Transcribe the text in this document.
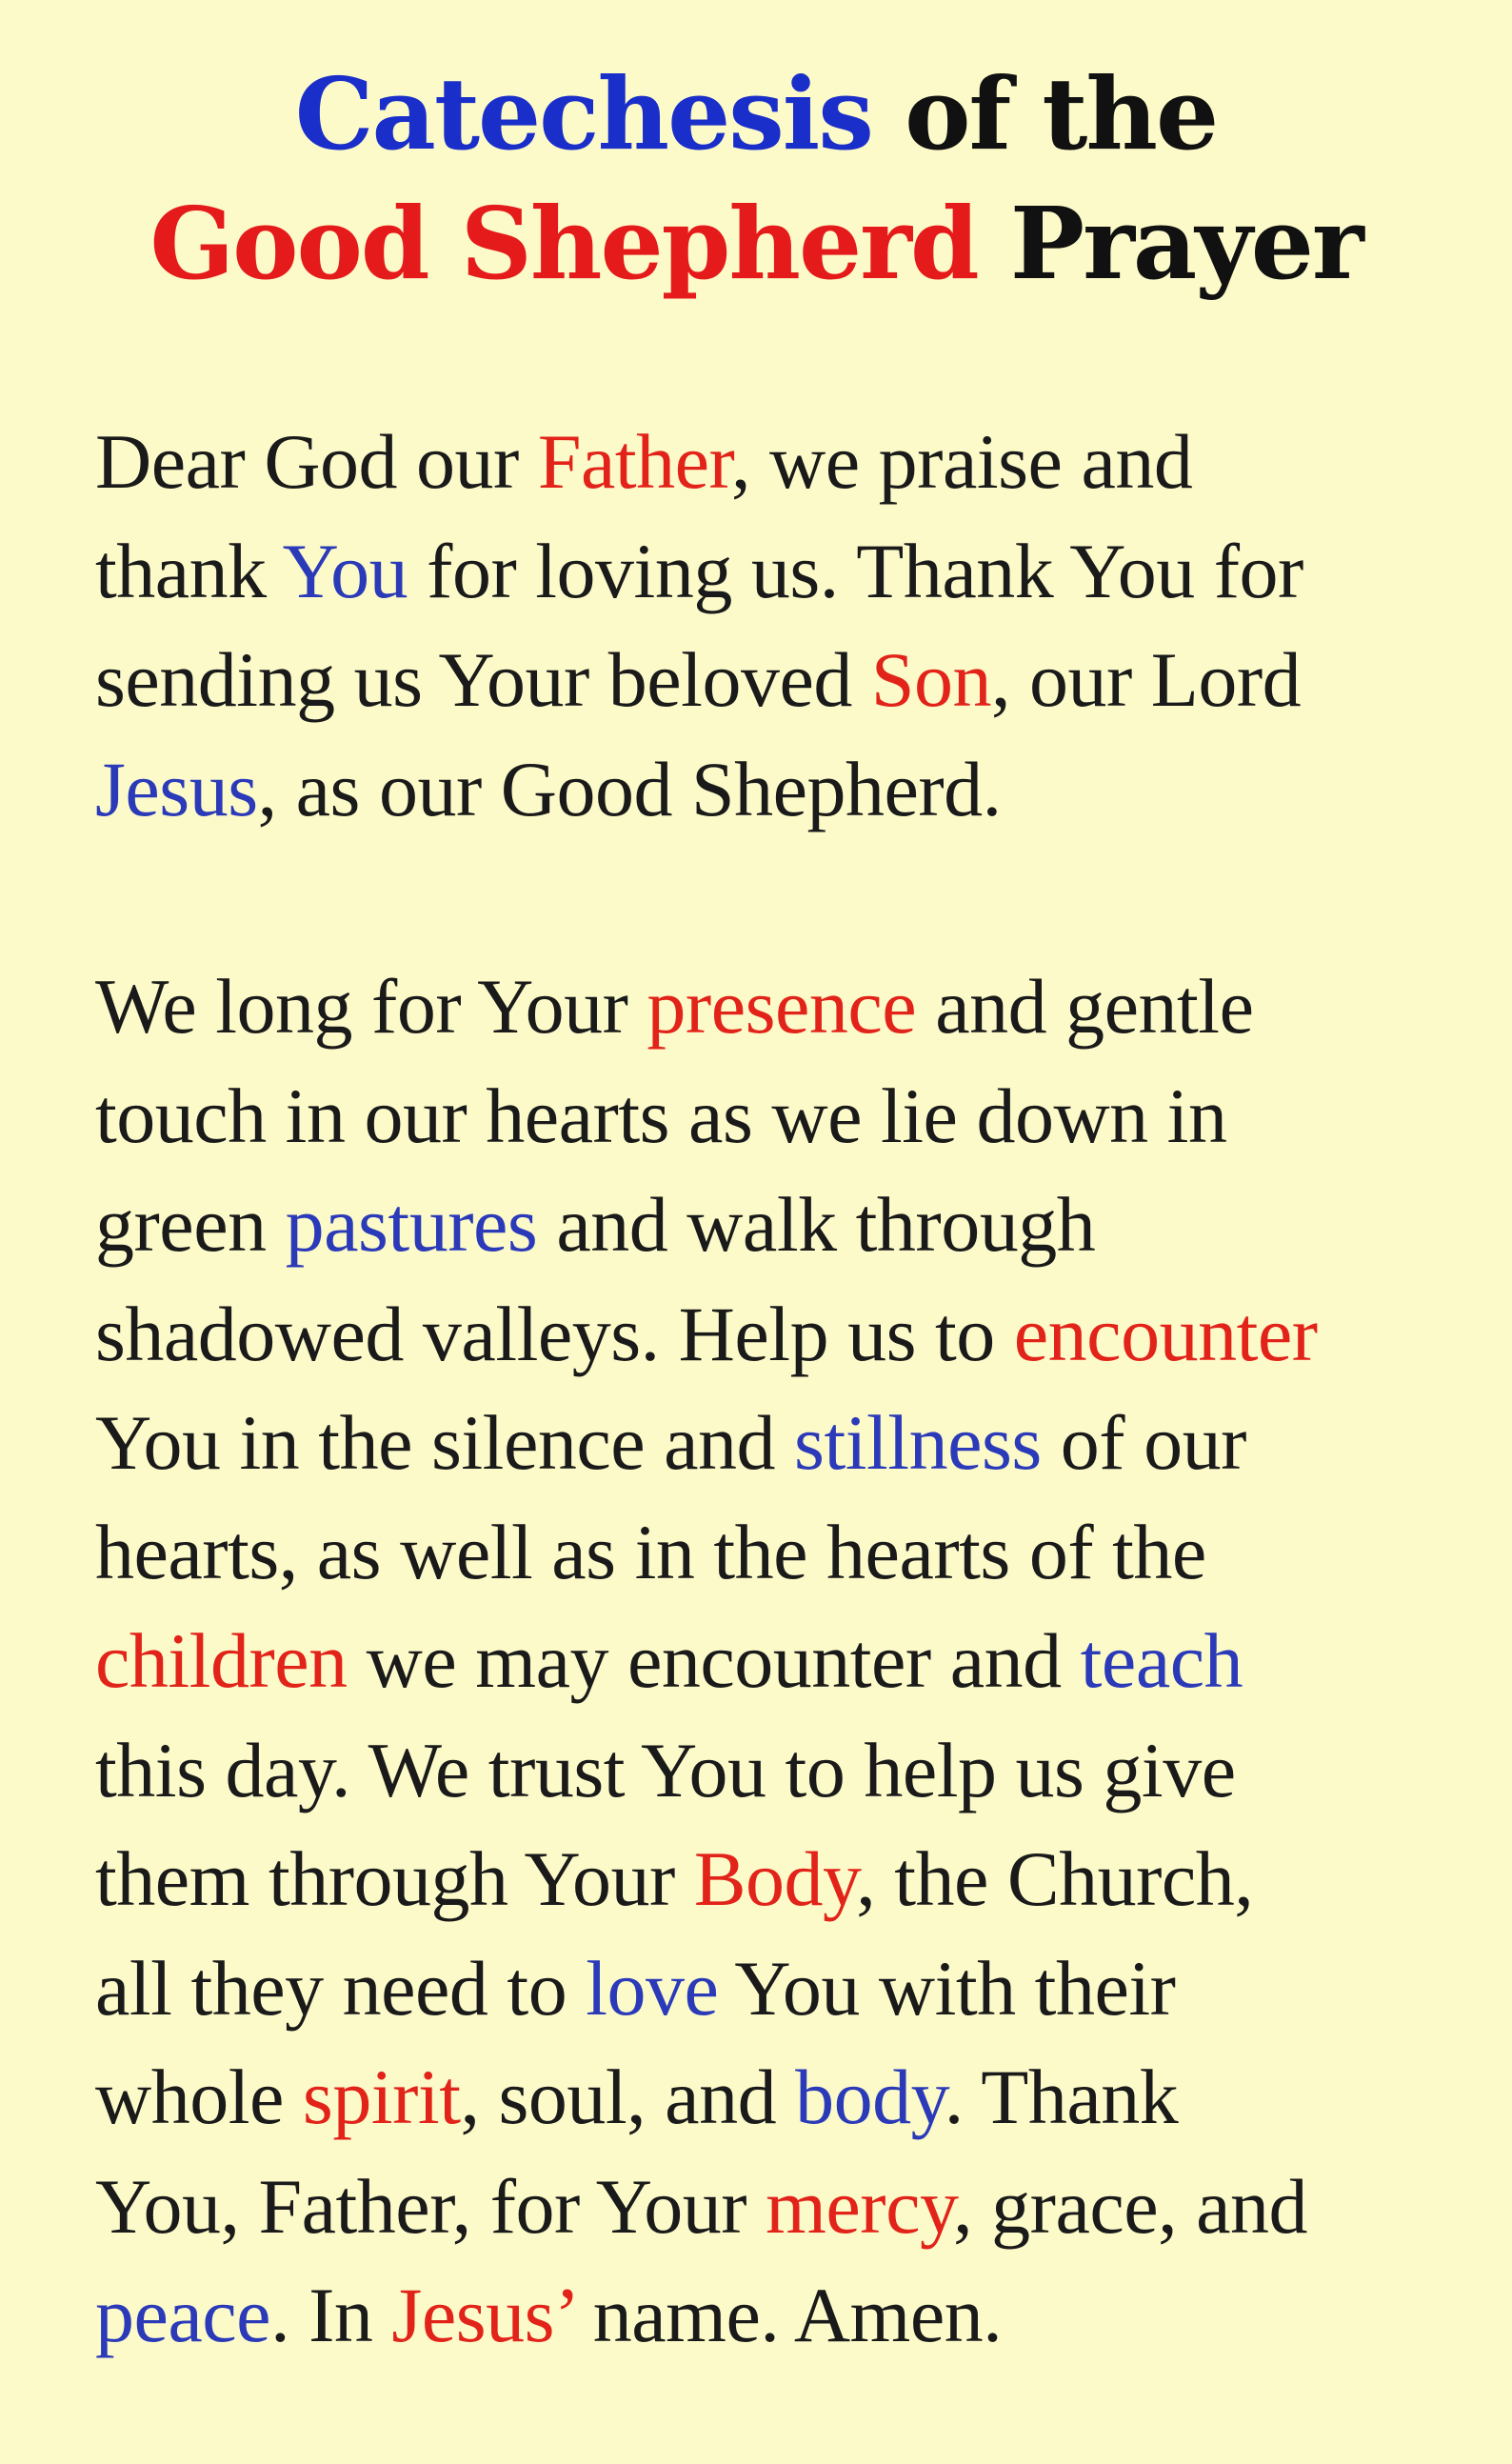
Catechesis of the
Good Shepherd Prayer
Dear God our Father, we praise and
thank You for loving us. Thank You for
sending us Your beloved Son, our Lord
Jesus, as our Good Shepherd.
We long for Your presence and gentle
touch in our hearts as we lie down in
green pastures and walk through
shadowed valleys. Help us to encounter
You in the silence and stillness of our
hearts, as well as in the hearts of the
children we may encounter and teach
this day. We trust You to help us give
them through Your Body, the Church,
all they need to love You with their
whole spirit, soul, and body. Thank
You, Father, for Your mercy, grace, and
peace. In Jesus’ name. Amen.
